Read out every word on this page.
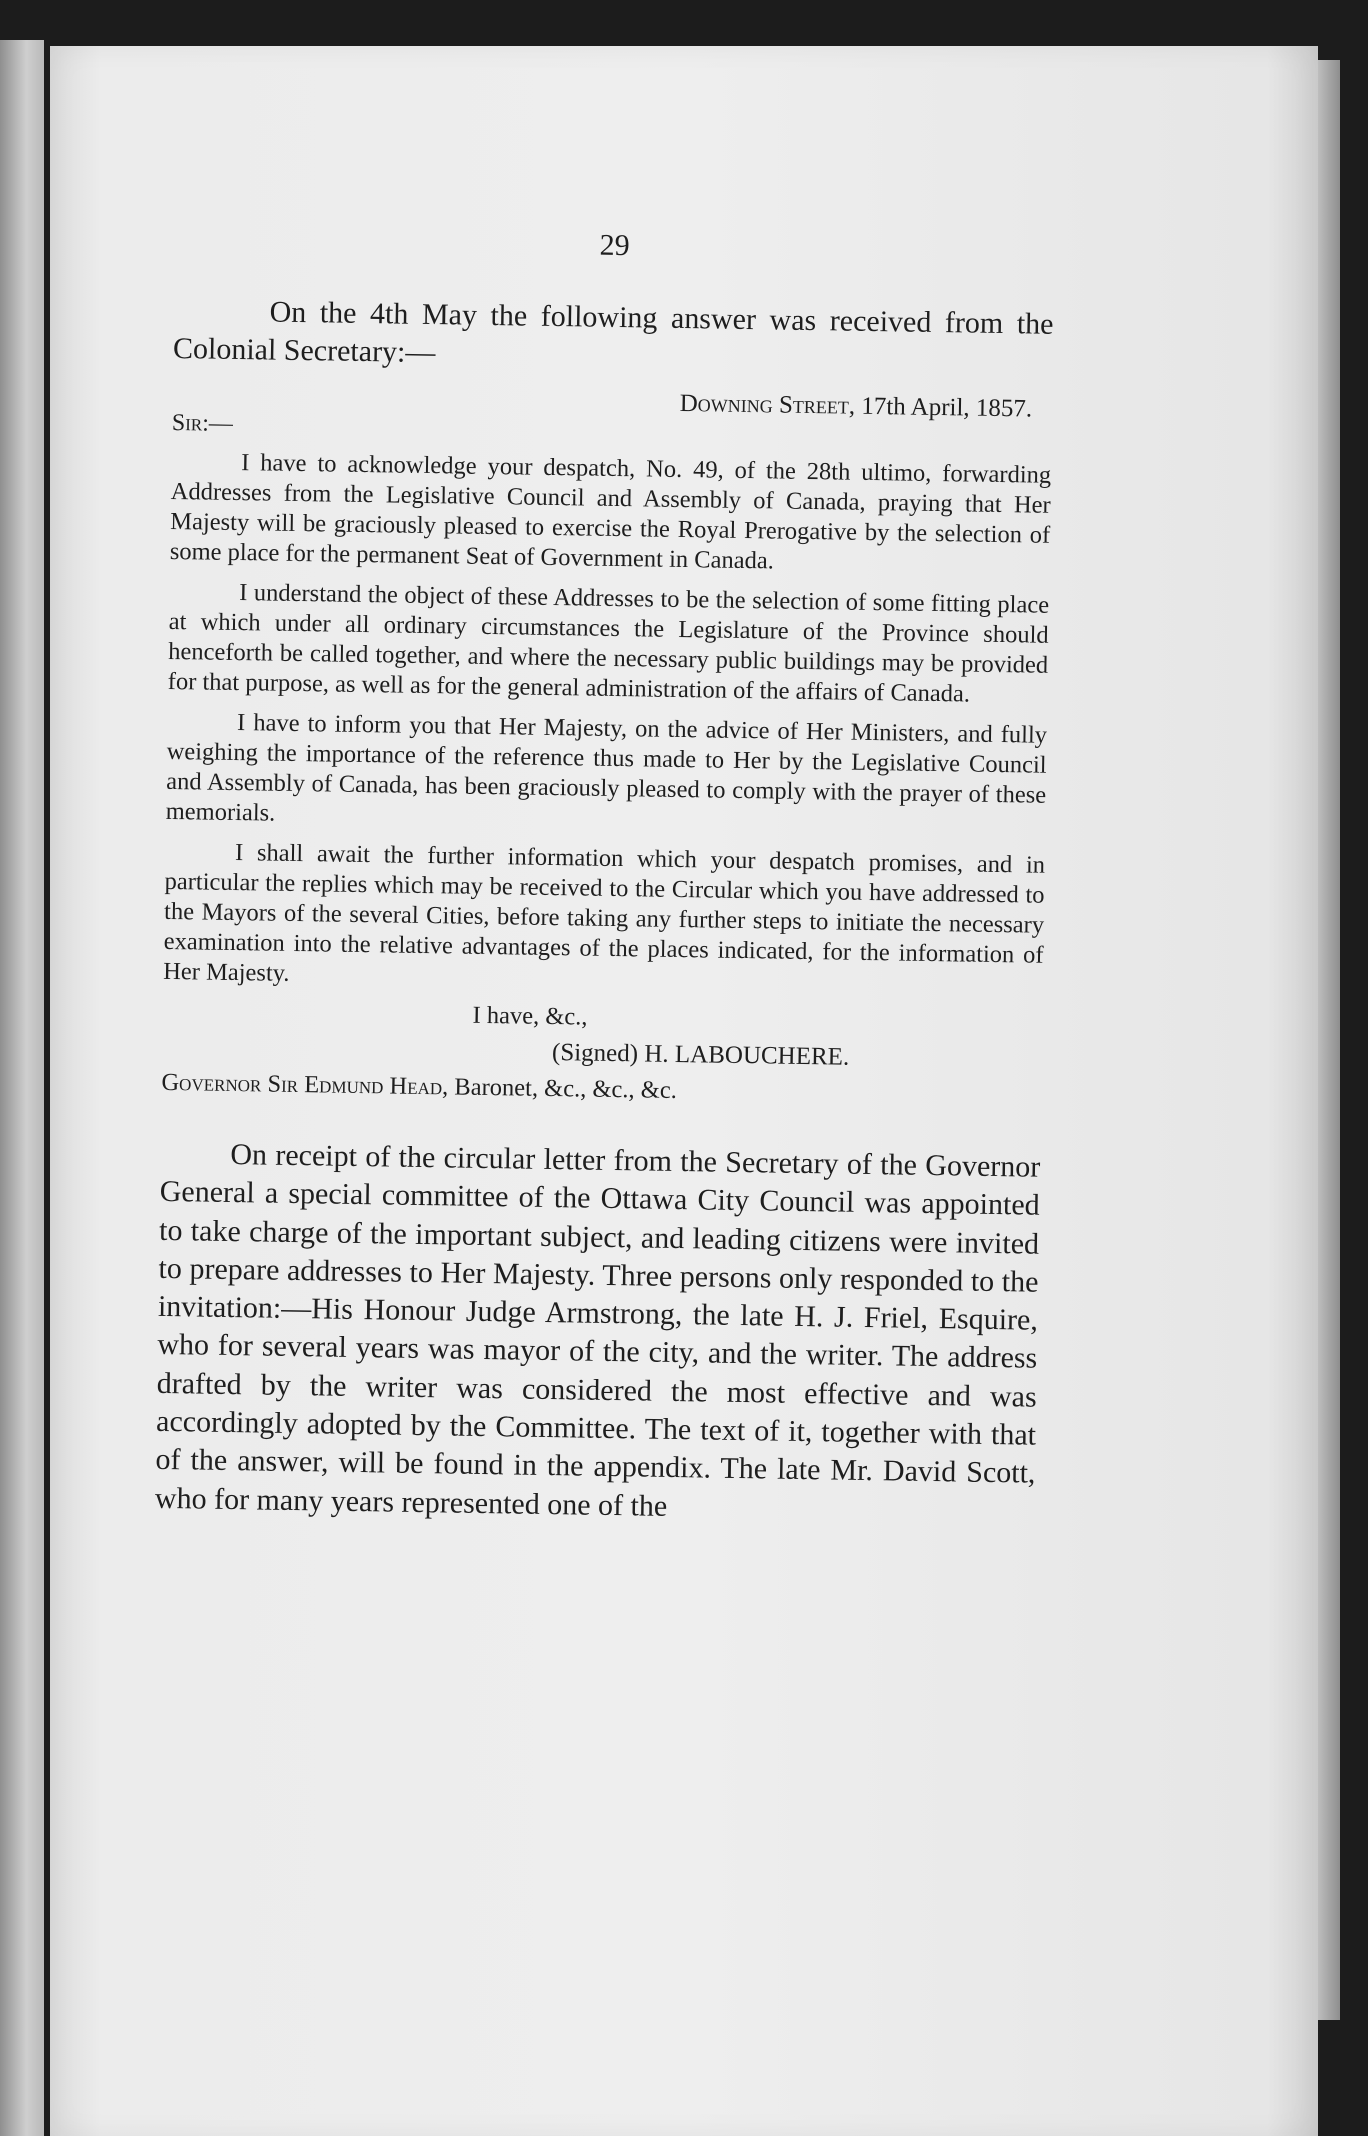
29

On the 4th May the following answer was received from the Colonial Secretary:—

Downing Street, 17th April, 1857.
Sir:—

I have to acknowledge your despatch, No. 49, of the 28th ultimo, forwarding Addresses from the Legislative Council and Assembly of Canada, praying that Her Majesty will be graciously pleased to exercise the Royal Prerogative by the selection of some place for the permanent Seat of Government in Canada.

I understand the object of these Addresses to be the selection of some fitting place at which under all ordinary circumstances the Legislature of the Province should henceforth be called together, and where the necessary public buildings may be provided for that purpose, as well as for the general administration of the affairs of Canada.

I have to inform you that Her Majesty, on the advice of Her Ministers, and fully weighing the importance of the reference thus made to Her by the Legislative Council and Assembly of Canada, has been graciously pleased to comply with the prayer of these memorials.

I shall await the further information which your despatch promises, and in particular the replies which may be received to the Circular which you have addressed to the Mayors of the several Cities, before taking any further steps to initiate the necessary examination into the relative advantages of the places indicated, for the information of Her Majesty.

I have, &c.,
(Signed) H. LABOUCHERE.
Governor Sir Edmund Head, Baronet, &c., &c., &c.

On receipt of the circular letter from the Secretary of the Governor General a special committee of the Ottawa City Council was appointed to take charge of the important subject, and leading citizens were invited to prepare addresses to Her Majesty. Three persons only responded to the invitation:—His Honour Judge Armstrong, the late H. J. Friel, Esquire, who for several years was mayor of the city, and the writer. The address drafted by the writer was considered the most effective and was accordingly adopted by the Committee. The text of it, together with that of the answer, will be found in the appendix. The late Mr. David Scott, who for many years represented one of the
